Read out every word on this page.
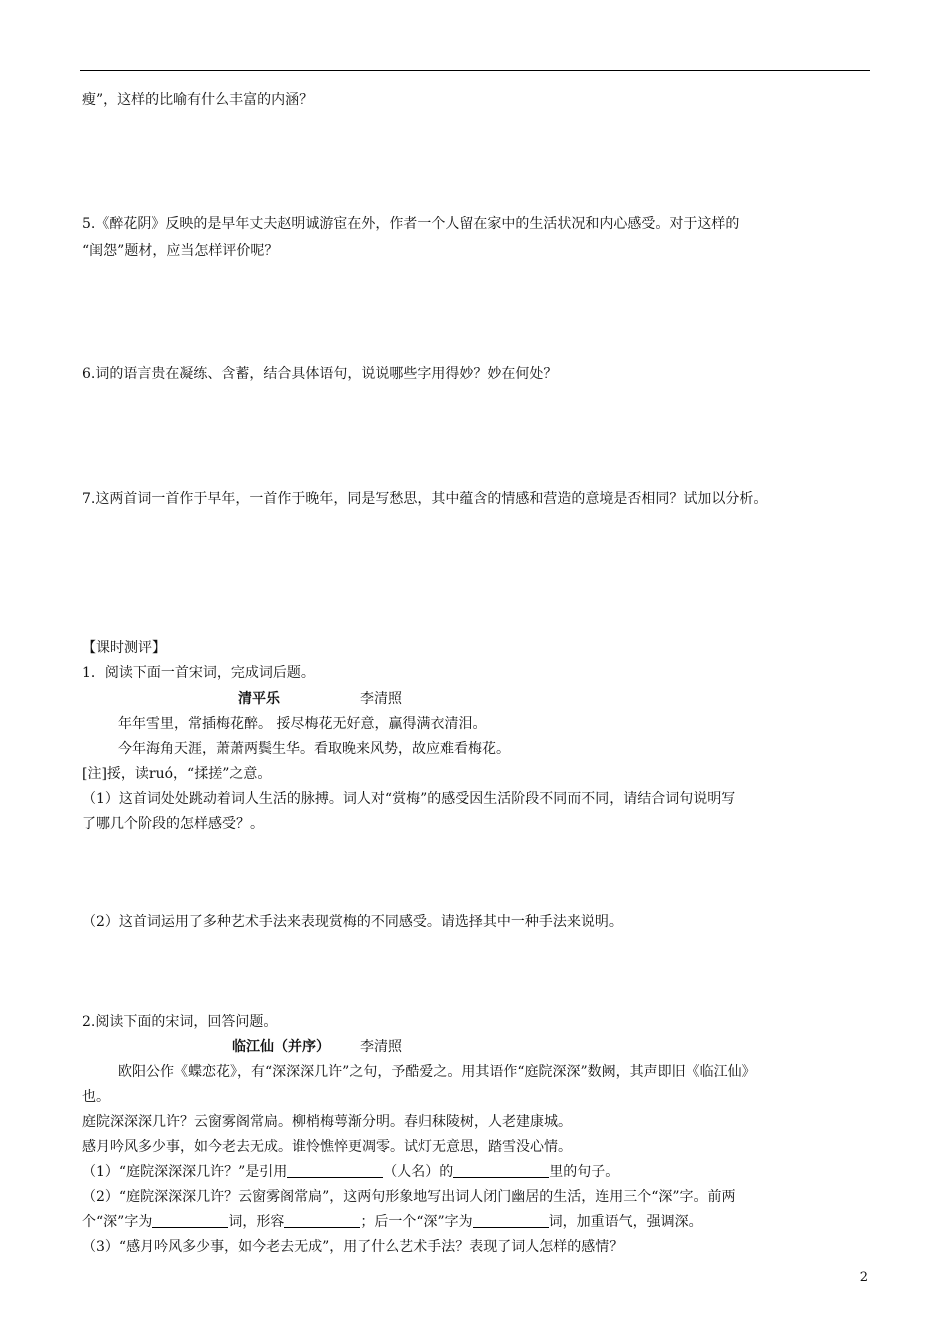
瘦”，这样的比喻有什么丰富的内涵？
5.《醉花阴》反映的是早年丈夫赵明诚游宦在外，作者一个人留在家中的生活状况和内心感受。对于这样的
“闺怨”题材，应当怎样评价呢？
6.词的语言贵在凝练、含蓄，结合具体语句，说说哪些字用得妙？妙在何处？
7.这两首词一首作于早年，一首作于晚年，同是写愁思，其中蕴含的情感和营造的意境是否相同？试加以分析。
【课时测评】
1．阅读下面一首宋词，完成词后题。
清平乐	李清照
年年雪里，常插梅花醉。 挼尽梅花无好意，赢得满衣清泪。
今年海角天涯，萧萧两鬓生华。看取晚来风势，故应难看梅花。
[注]挼，读ruó，“揉搓”之意。
（1）这首词处处跳动着词人生活的脉搏。词人对“赏梅”的感受因生活阶段不同而不同，请结合词句说明写
了哪几个阶段的怎样感受？。
（2）这首词运用了多种艺术手法来表现赏梅的不同感受。请选择其中一种手法来说明。
2.阅读下面的宋词，回答问题。
临江仙（并序） 李清照
欧阳公作《蝶恋花》，有“深深深几许”之句，予酷爱之。用其语作“庭院深深”数阙，其声即旧《临江仙》
也。
庭院深深深几许？云窗雾阁常扃。柳梢梅萼渐分明。春归秣陵树，人老建康城。
感月吟风多少事，如今老去无成。谁怜憔悴更凋零。试灯无意思，踏雪没心情。
（1）“庭院深深深几许？”是引用	（人名）的	里的句子。
（2）“庭院深深深几许？云窗雾阁常扃”，这两句形象地写出词人闭门幽居的生活，连用三个“深”字。前两
个“深”字为	词，形容	；后一个“深”字为	词，加重语气，强调深。
（3）“感月吟风多少事，如今老去无成”，用了什么艺术手法？表现了词人怎样的感情？
2
